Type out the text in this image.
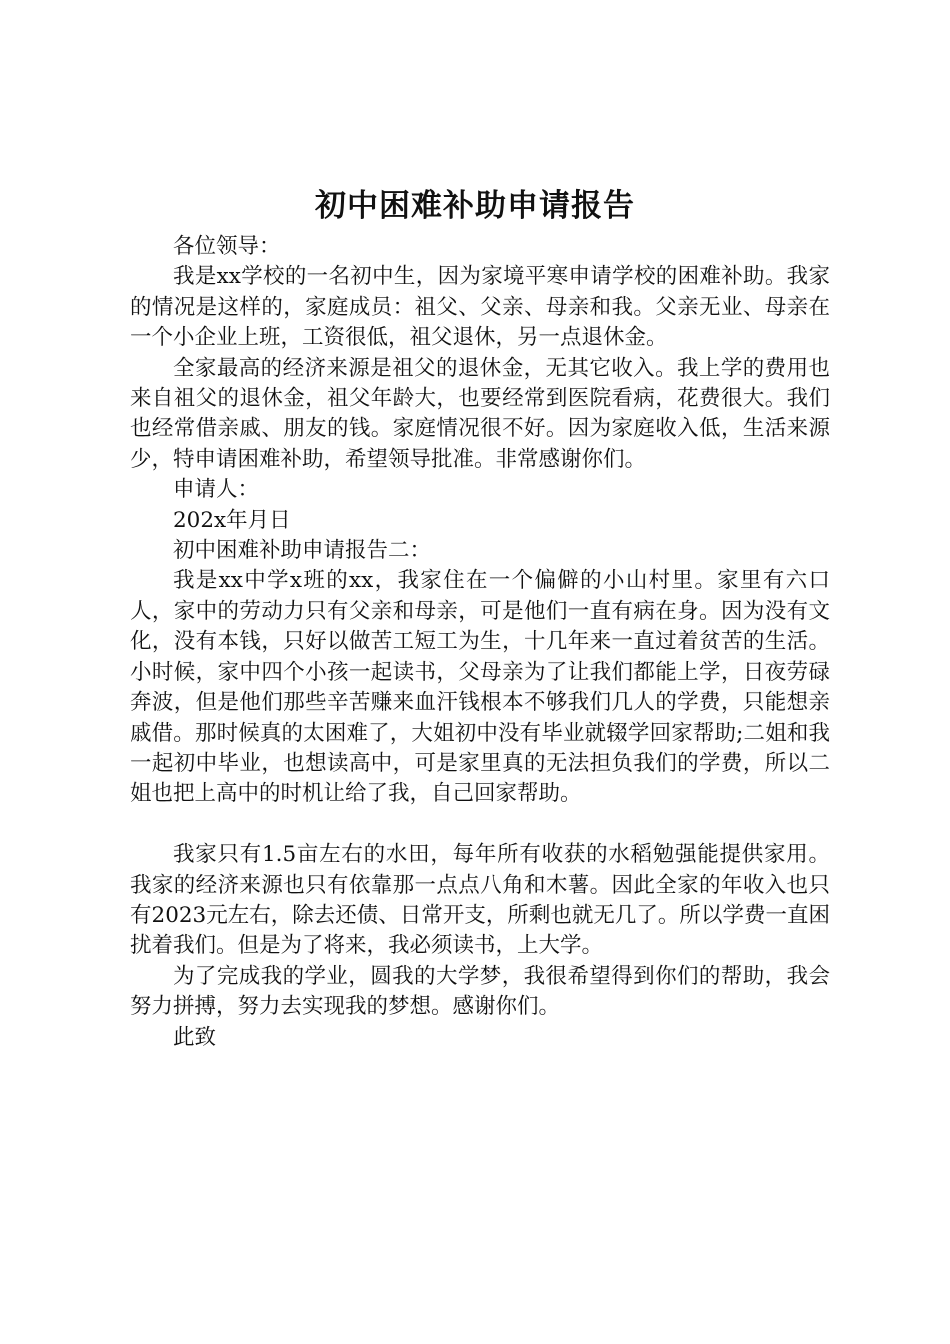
初中困难补助申请报告

各位领导：

我是xx学校的一名初中生，因为家境平寒申请学校的困难补助。我家的情况是这样的，家庭成员：祖父、父亲、母亲和我。父亲无业、母亲在一个小企业上班，工资很低，祖父退休，另一点退休金。

全家最高的经济来源是祖父的退休金，无其它收入。我上学的费用也来自祖父的退休金，祖父年龄大，也要经常到医院看病，花费很大。我们也经常借亲戚、朋友的钱。家庭情况很不好。因为家庭收入低，生活来源少，特申请困难补助，希望领导批准。非常感谢你们。

申请人：

202x年月日

初中困难补助申请报告二：

我是xx中学x班的xx，我家住在一个偏僻的小山村里。家里有六口人，家中的劳动力只有父亲和母亲，可是他们一直有病在身。因为没有文化，没有本钱，只好以做苦工短工为生，十几年来一直过着贫苦的生活。小时候，家中四个小孩一起读书，父母亲为了让我们都能上学，日夜劳碌奔波，但是他们那些辛苦赚来血汗钱根本不够我们几人的学费，只能想亲戚借。那时候真的太困难了，大姐初中没有毕业就辍学回家帮助;二姐和我一起初中毕业，也想读高中，可是家里真的无法担负我们的学费，所以二姐也把上高中的时机让给了我，自己回家帮助。

我家只有1.5亩左右的水田，每年所有收获的水稻勉强能提供家用。我家的经济来源也只有依靠那一点点八角和木薯。因此全家的年收入也只有2023元左右，除去还债、日常开支，所剩也就无几了。所以学费一直困扰着我们。但是为了将来，我必须读书，上大学。

为了完成我的学业，圆我的大学梦，我很希望得到你们的帮助，我会努力拼搏，努力去实现我的梦想。感谢你们。

此致
